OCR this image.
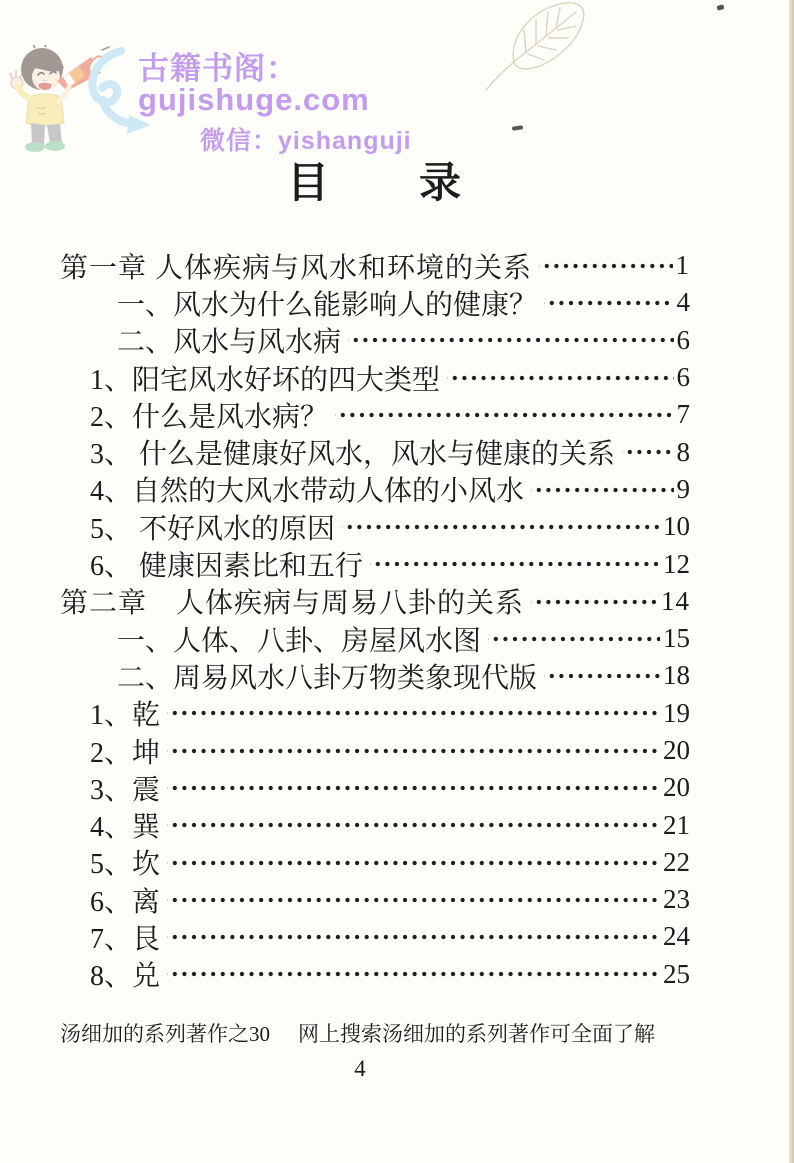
古籍书阁：gujishuge.com
微信：yishanguji
目　　录
第一章 人体疾病与风水和环境的关系	1
一、风水为什么能影响人的健康？	4
二、风水与风水病	6
1、阳宅风水好坏的四大类型	6
2、什么是风水病？	7
3、 什么是健康好风水，风水与健康的关系 8
4、自然的大风水带动人体的小风水	9
5、 不好风水的原因	10
6、 健康因素比和五行	12
第二章　人体疾病与周易八卦的关系	14
一、人体、八卦、房屋风水图	15
二、周易风水八卦万物类象现代版	18
1、乾	19
2、坤	20
3、震	20
4、巽	21
5、坎	22
6、离	23
7、艮	24
8、兑	25
汤细加的系列著作之30 网上搜索汤细加的系列著作可全面了解
4
